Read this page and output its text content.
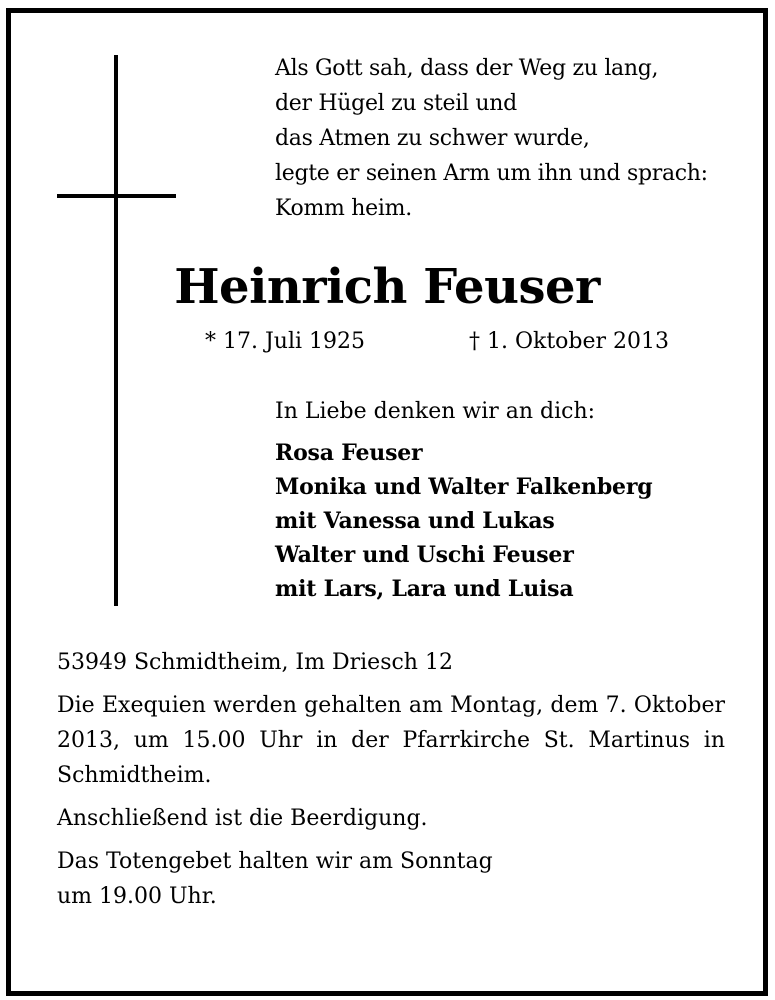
Als Gott sah, dass der Weg zu lang,
der Hügel zu steil und
das Atmen zu schwer wurde,
legte er seinen Arm um ihn und sprach:
Komm heim.
Heinrich Feuser
* 17. Juli 1925	† 1. Oktober 2013
In Liebe denken wir an dich:
Rosa Feuser
Monika und Walter Falkenberg
mit Vanessa und Lukas
Walter und Uschi Feuser
mit Lars, Lara und Luisa

53949 Schmidtheim, Im Driesch 12

Die Exequien werden gehalten am Montag, dem 7. Oktober 2013, um 15.00 Uhr in der Pfarrkirche St. Martinus in Schmidtheim.

Anschließend ist die Beerdigung.

Das Totengebet halten wir am Sonntag

um 19.00 Uhr.
